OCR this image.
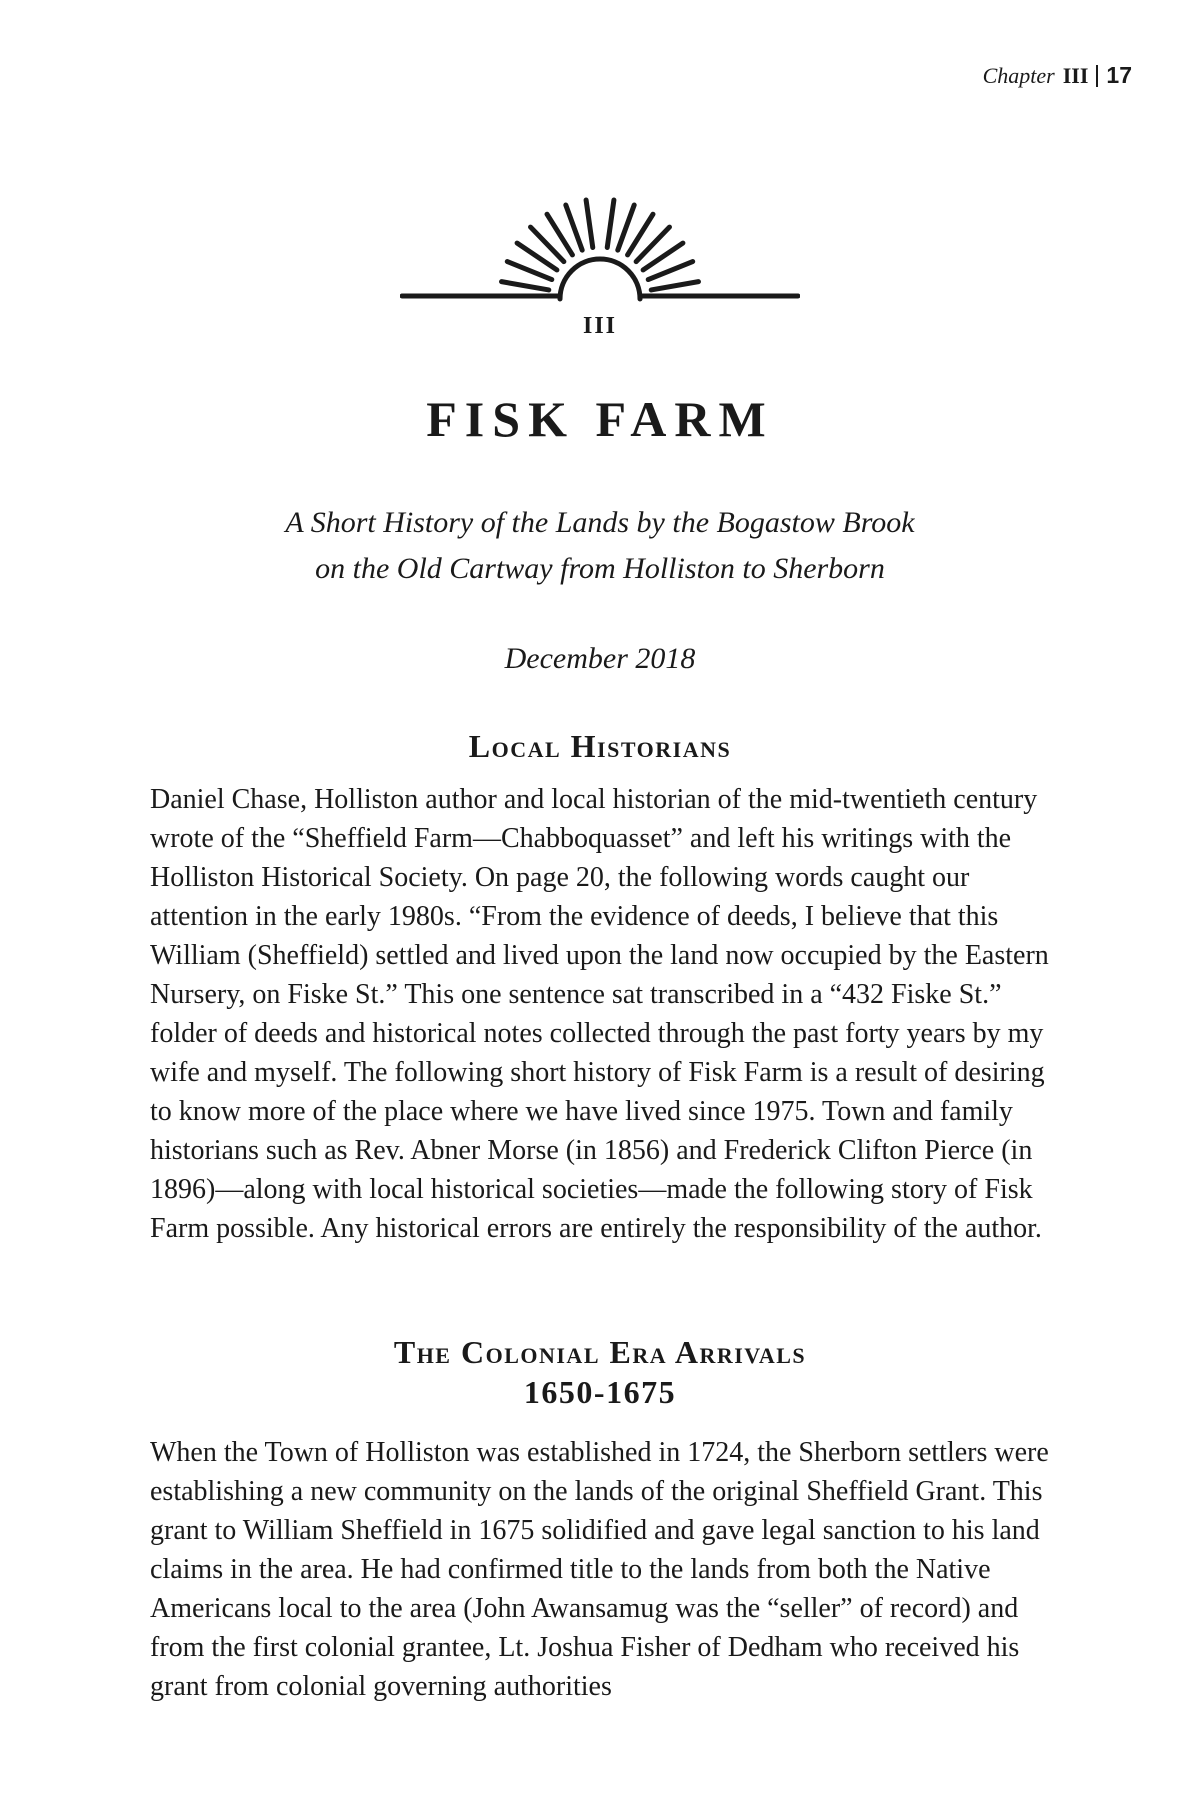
Chapter III 17
III
FISK FARM
A Short History of the Lands by the Bogastow Brook
on the Old Cartway from Holliston to Sherborn
December 2018
Local Historians

Daniel Chase, Holliston author and local historian of the mid-twentieth century wrote of the “Sheffield Farm—Chabboquasset” and left his writings with the Holliston Historical Society. On page 20, the following words caught our attention in the early 1980s. “From the evidence of deeds, I believe that this William (Sheffield) settled and lived upon the land now occupied by the Eastern Nursery, on Fiske St.” This one sentence sat transcribed in a “432 Fiske St.” folder of deeds and historical notes collected through the past forty years by my wife and myself. The following short history of Fisk Farm is a result of desiring to know more of the place where we have lived since 1975. Town and family historians such as Rev. Abner Morse (in 1856) and Frederick Clifton Pierce (in 1896)—along with local historical societies—made the following story of Fisk Farm possible. Any historical errors are entirely the responsibility of the author.

The Colonial Era Arrivals
1650-1675

When the Town of Holliston was established in 1724, the Sherborn settlers were establishing a new community on the lands of the original Sheffield Grant. This grant to William Sheffield in 1675 solidified and gave legal sanction to his land claims in the area. He had confirmed title to the lands from both the Native Americans local to the area (John Awansamug was the “seller” of record) and from the first colonial grantee, Lt. Joshua Fisher of Dedham who received his grant from colonial governing authorities
